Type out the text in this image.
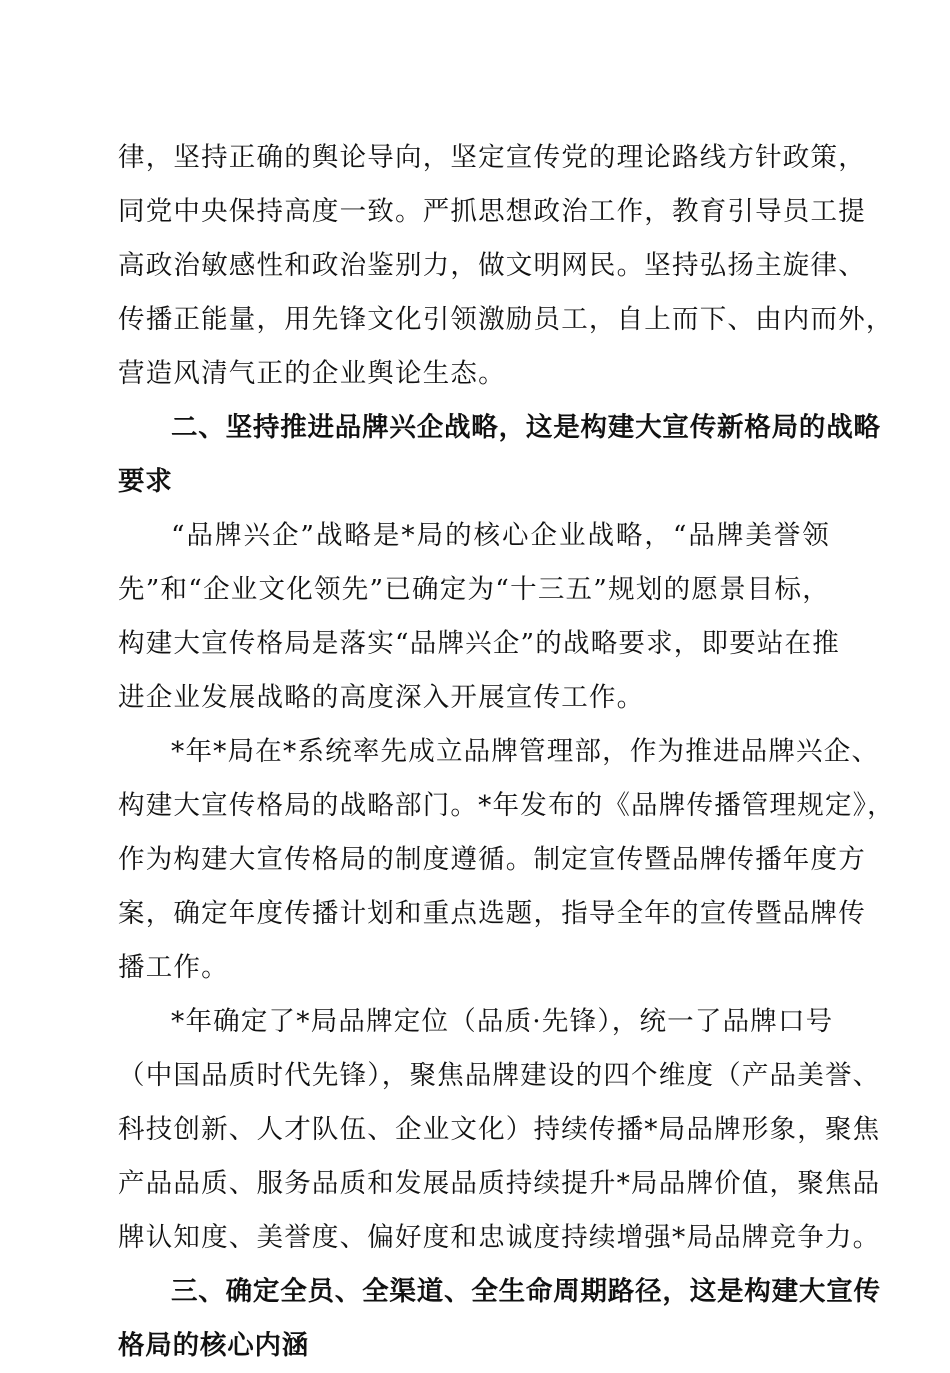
律，坚持正确的舆论导向，坚定宣传党的理论路线方针政策，
同党中央保持高度一致。严抓思想政治工作，教育引导员工提
高政治敏感性和政治鉴别力，做文明网民。坚持弘扬主旋律、
传播正能量，用先锋文化引领激励员工，自上而下、由内而外，
营造风清气正的企业舆论生态。
二、坚持推进品牌兴企战略，这是构建大宣传新格局的战略
要求
“品牌兴企”战略是*局的核心企业战略，“品牌美誉领
先”和“企业文化领先”已确定为“十三五”规划的愿景目标，
构建大宣传格局是落实“品牌兴企”的战略要求，即要站在推
进企业发展战略的高度深入开展宣传工作。
*年*局在*系统率先成立品牌管理部，作为推进品牌兴企、
构建大宣传格局的战略部门。*年发布的《品牌传播管理规定》，
作为构建大宣传格局的制度遵循。制定宣传暨品牌传播年度方
案，确定年度传播计划和重点选题，指导全年的宣传暨品牌传
播工作。
*年确定了*局品牌定位（品质·先锋），统一了品牌口号
（中国品质时代先锋），聚焦品牌建设的四个维度（产品美誉、
科技创新、人才队伍、企业文化）持续传播*局品牌形象，聚焦
产品品质、服务品质和发展品质持续提升*局品牌价值，聚焦品
牌认知度、美誉度、偏好度和忠诚度持续增强*局品牌竞争力。
三、确定全员、全渠道、全生命周期路径，这是构建大宣传
格局的核心内涵
